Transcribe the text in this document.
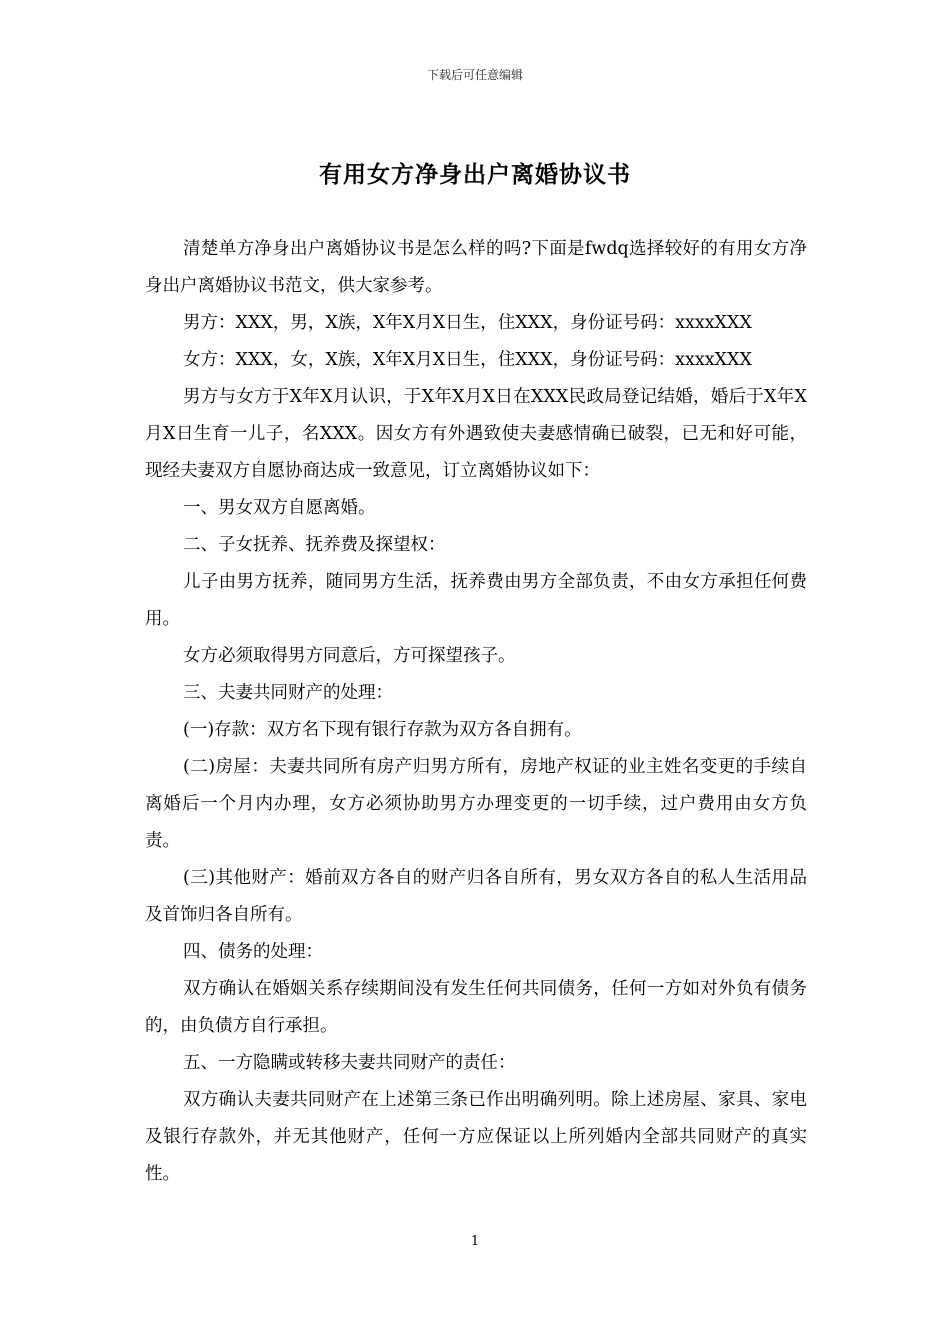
下载后可任意编辑
有用女方净身出户离婚协议书

清楚单方净身出户离婚协议书是怎么样的吗?下面是fwdq选择较好的有用女方净身出户离婚协议书范文，供大家参考。

男方：XXX，男，X族，X年X月X日生，住XXX，身份证号码：xxxxXXX

女方：XXX，女，X族，X年X月X日生，住XXX，身份证号码：xxxxXXX

男方与女方于X年X月认识，于X年X月X日在XXX民政局登记结婚，婚后于X年X月X日生育一儿子，名XXX。因女方有外遇致使夫妻感情确已破裂，已无和好可能，现经夫妻双方自愿协商达成一致意见，订立离婚协议如下：

一、男女双方自愿离婚。

二、子女抚养、抚养费及探望权：

儿子由男方抚养，随同男方生活，抚养费由男方全部负责，不由女方承担任何费用。

女方必须取得男方同意后，方可探望孩子。

三、夫妻共同财产的处理：

(一)存款：双方名下现有银行存款为双方各自拥有。

(二)房屋：夫妻共同所有房产归男方所有，房地产权证的业主姓名变更的手续自离婚后一个月内办理，女方必须协助男方办理变更的一切手续，过户费用由女方负责。

(三)其他财产：婚前双方各自的财产归各自所有，男女双方各自的私人生活用品及首饰归各自所有。

四、债务的处理：

双方确认在婚姻关系存续期间没有发生任何共同债务，任何一方如对外负有债务的，由负债方自行承担。

五、一方隐瞒或转移夫妻共同财产的责任：

双方确认夫妻共同财产在上述第三条已作出明确列明。除上述房屋、家具、家电及银行存款外，并无其他财产，任何一方应保证以上所列婚内全部共同财产的真实性。

1
